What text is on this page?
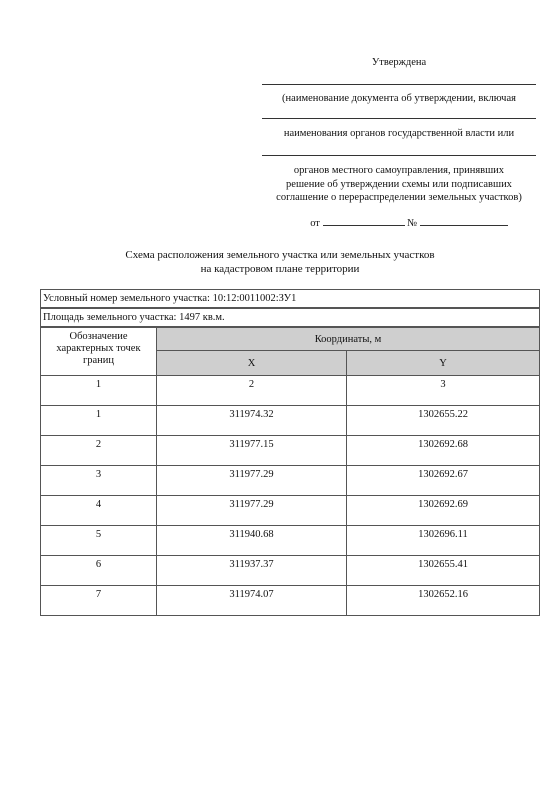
Утверждена
(наименование документа об утверждении, включая
наименования органов государственной власти или
органов местного самоуправления, принявших
решение об утверждении схемы или подписавших
соглашение о перераспределении земельных участков)
от	№
Схема расположения земельного участка или земельных участков
на кадастровом плане территории
Условный номер земельного участка: 10:12:0011002:ЗУ1		
Площадь земельного участка: 1497 кв.м.		
Обозначение характерных точек границ	Координаты, м	
	X	Y
1	2	3
1	311974.32	1302655.22
2	311977.15	1302692.68
3	311977.29	1302692.67
4	311977.29	1302692.69
5	311940.68	1302696.11
6	311937.37	1302655.41
7	311974.07	1302652.16
